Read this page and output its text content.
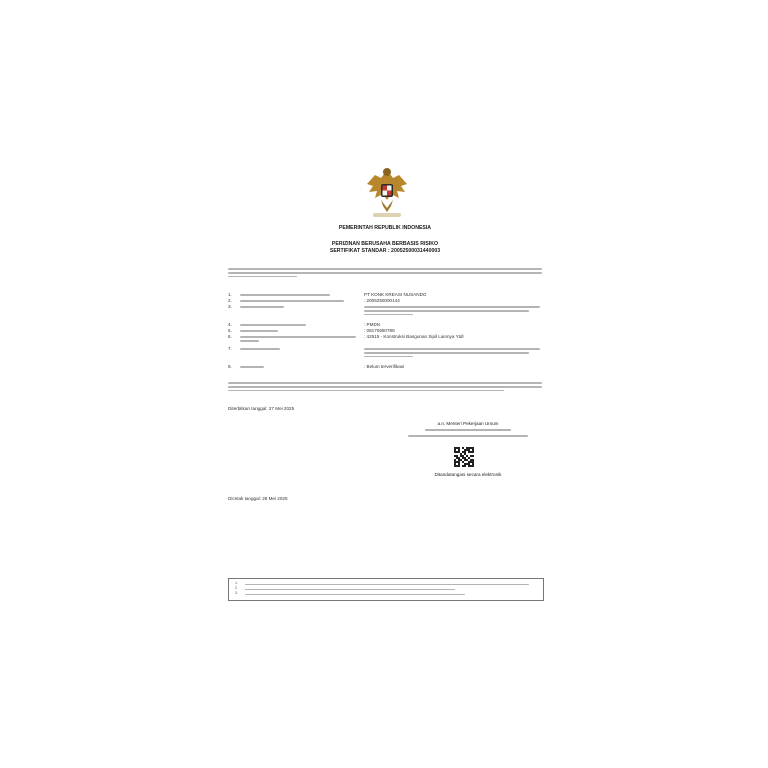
PEMERINTAH REPUBLIK INDONESIA
PERIZINAN BERUSAHA BERBASIS RISIKO
SERTIFIKAT STANDAR : 20052500031440003
1.	PT KONK KREASI NUSANDO
2.	: 2005250000144
3.
4.	: PMDN
5.	: 08170650788
6.	: 42515 - Konstruksi Bangunan Sipil Lainnya Ytdl
7.
8.	: Belum terverifikasi
Diterbitkan tanggal: 27 Mei 2025
a.n. Menteri Pekerjaan Umum
Ditandatangani secara elektronik
Dicetak tanggal: 28 Mei 2025
1.
2.
3.
